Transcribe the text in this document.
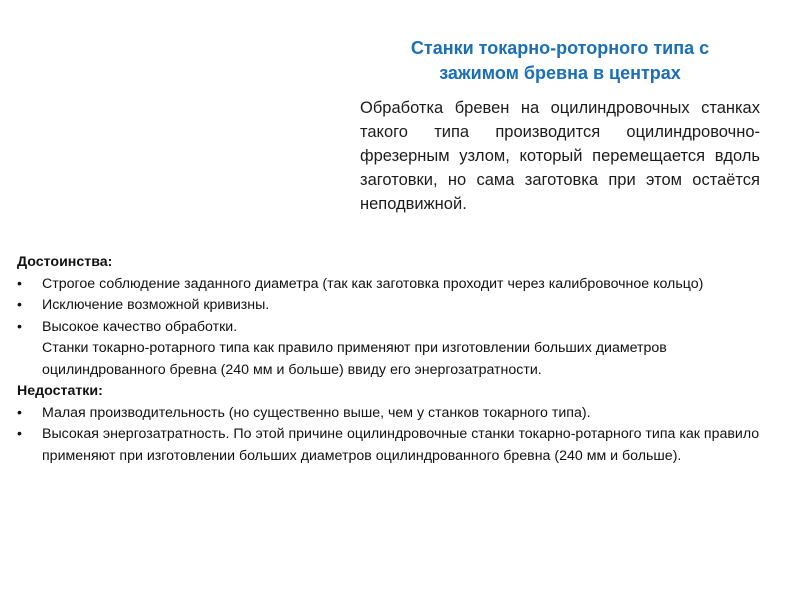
Станки токарно-роторного типа с зажимом бревна в центрах
Обработка бревен на оцилиндровочных станках такого типа производится оцилиндровочно-фрезерным узлом, который перемещается вдоль заготовки, но сама заготовка при этом остаётся неподвижной.
Достоинства:
• Строгое соблюдение заданного диаметра (так как заготовка проходит через калибровочное кольцо)
• Исключение возможной кривизны.
• Высокое качество обработки.
Станки токарно-ротарного типа как правило применяют при изготовлении больших диаметров оцилиндрованного бревна (240 мм и больше) ввиду его энергозатратности.
Недостатки:
• Малая производительность (но существенно выше, чем у станков токарного типа).
• Высокая энергозатратность. По этой причине оцилиндровочные станки токарно-ротарного типа как правило применяют при изготовлении больших диаметров оцилиндрованного бревна (240 мм и больше).
